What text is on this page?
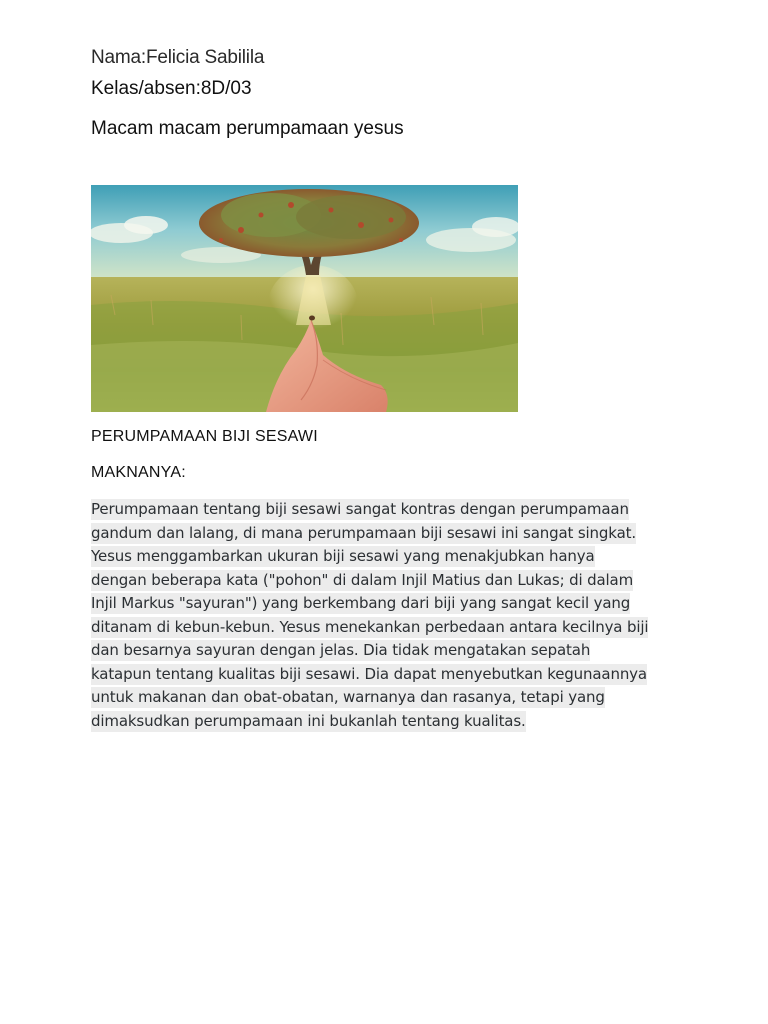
Nama:Felicia Sabilila

Kelas/absen:8D/03

Macam macam perumpamaan yesus

PERUMPAMAAN BIJI SESAWI

MAKNANYA:

Perumpamaan tentang biji sesawi sangat kontras dengan perumpamaan
gandum dan lalang, di mana perumpamaan biji sesawi ini sangat singkat.
Yesus menggambarkan ukuran biji sesawi yang menakjubkan hanya
dengan beberapa kata ("pohon" di dalam Injil Matius dan Lukas; di dalam
Injil Markus "sayuran") yang berkembang dari biji yang sangat kecil yang
ditanam di kebun-kebun. Yesus menekankan perbedaan antara kecilnya biji
dan besarnya sayuran dengan jelas. Dia tidak mengatakan sepatah
katapun tentang kualitas biji sesawi. Dia dapat menyebutkan kegunaannya
untuk makanan dan obat-obatan, warnanya dan rasanya, tetapi yang
dimaksudkan perumpamaan ini bukanlah tentang kualitas.
